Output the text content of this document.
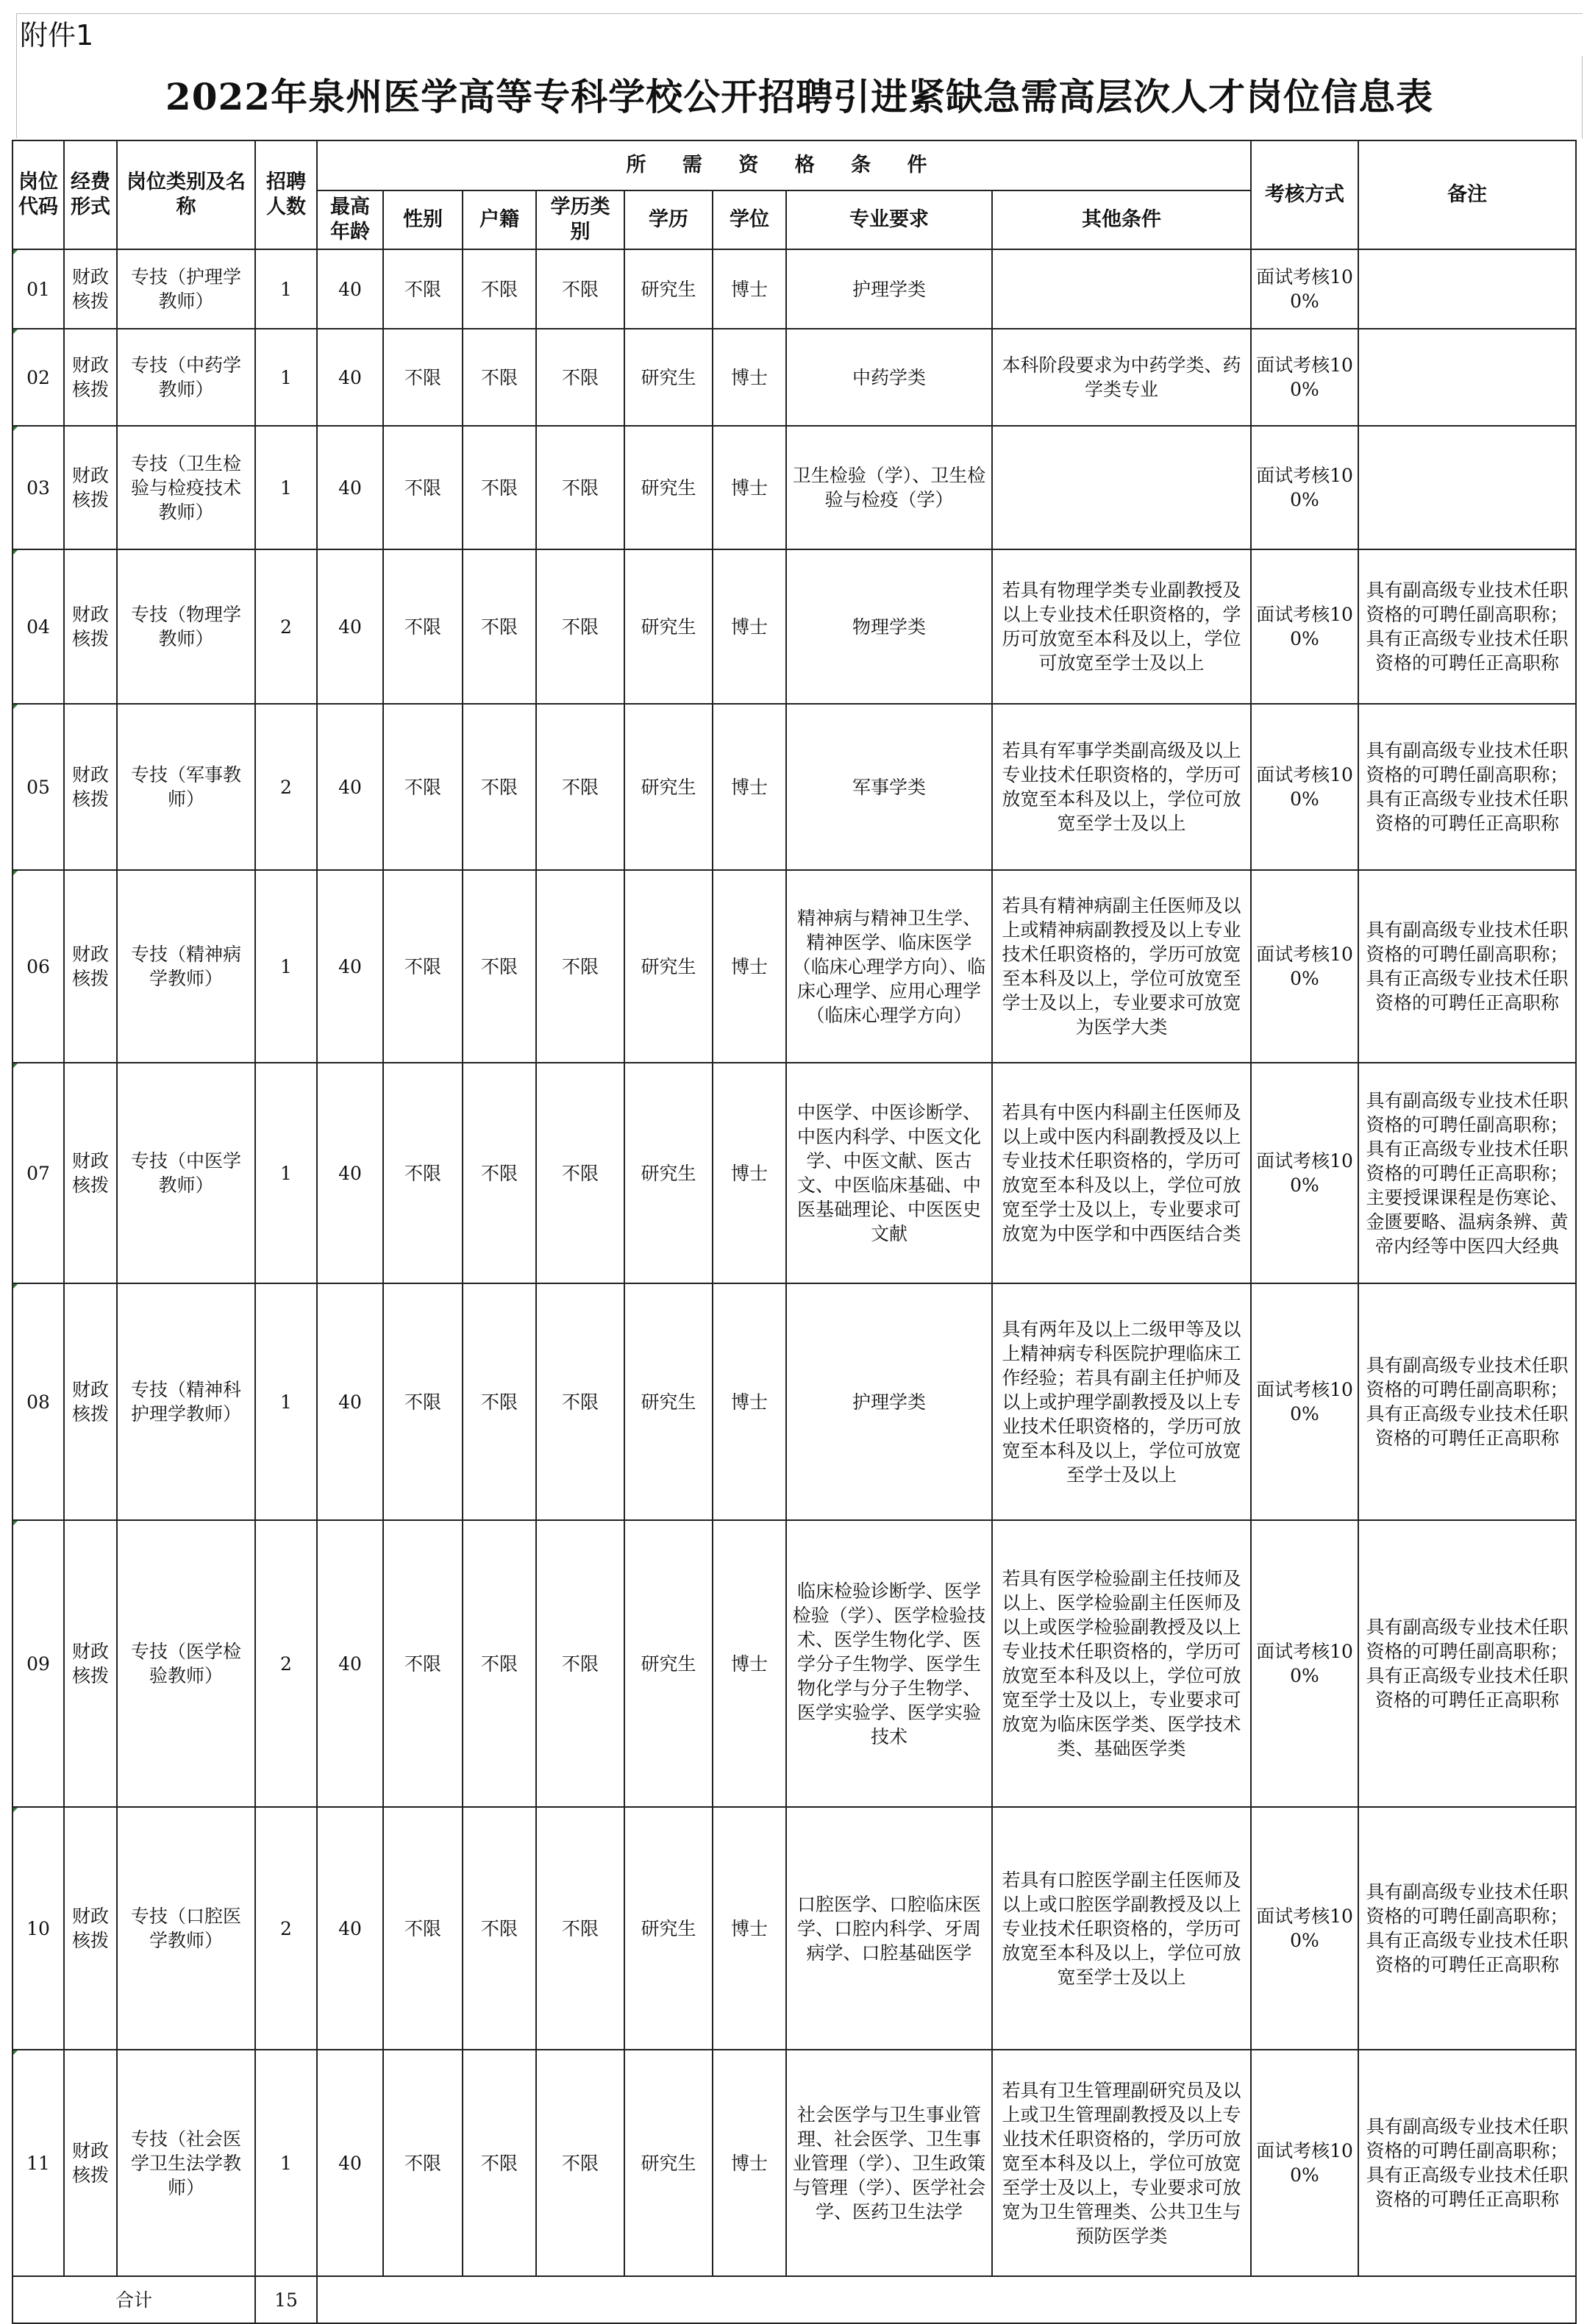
附件1
2022年泉州医学高等专科学校公开招聘引进紧缺急需高层次人才岗位信息表
岗位代码	经费形式	岗位类别及名称	招聘人数	所 需 资 格 条 件								考核方式	备注
				最高年龄	性别	户籍	学历类别	学历	学位	专业要求	其他条件		
01	财政核拨	专技（护理学教师）	1	40	不限	不限	不限	研究生	博士	护理学类		面试考核100%	
02	财政核拨	专技（中药学教师）	1	40	不限	不限	不限	研究生	博士	中药学类	本科阶段要求为中药学类、药学类专业	面试考核100%	
03	财政核拨	专技（卫生检验与检疫技术教师）	1	40	不限	不限	不限	研究生	博士	卫生检验（学）、卫生检验与检疫（学）		面试考核100%	
04	财政核拨	专技（物理学教师）	2	40	不限	不限	不限	研究生	博士	物理学类	若具有物理学类专业副教授及以上专业技术任职资格的，学历可放宽至本科及以上，学位可放宽至学士及以上	面试考核100%	具有副高级专业技术任职资格的可聘任副高职称；具有正高级专业技术任职资格的可聘任正高职称
05	财政核拨	专技（军事教师）	2	40	不限	不限	不限	研究生	博士	军事学类	若具有军事学类副高级及以上专业技术任职资格的，学历可放宽至本科及以上，学位可放宽至学士及以上	面试考核100%	具有副高级专业技术任职资格的可聘任副高职称；具有正高级专业技术任职资格的可聘任正高职称
06	财政核拨	专技（精神病学教师）	1	40	不限	不限	不限	研究生	博士	精神病与精神卫生学、精神医学、临床医学（临床心理学方向）、临床心理学、应用心理学（临床心理学方向）	若具有精神病副主任医师及以上或精神病副教授及以上专业技术任职资格的，学历可放宽至本科及以上，学位可放宽至学士及以上，专业要求可放宽为医学大类	面试考核100%	具有副高级专业技术任职资格的可聘任副高职称；具有正高级专业技术任职资格的可聘任正高职称
07	财政核拨	专技（中医学教师）	1	40	不限	不限	不限	研究生	博士	中医学、中医诊断学、中医内科学、中医文化学、中医文献、医古文、中医临床基础、中医基础理论、中医医史文献	若具有中医内科副主任医师及以上或中医内科副教授及以上专业技术任职资格的，学历可放宽至本科及以上，学位可放宽至学士及以上，专业要求可放宽为中医学和中西医结合类	面试考核100%	具有副高级专业技术任职资格的可聘任副高职称；具有正高级专业技术任职资格的可聘任正高职称；主要授课课程是伤寒论、金匮要略、温病条辨、黄帝内经等中医四大经典
08	财政核拨	专技（精神科护理学教师）	1	40	不限	不限	不限	研究生	博士	护理学类	具有两年及以上二级甲等及以上精神病专科医院护理临床工作经验；若具有副主任护师及以上或护理学副教授及以上专业技术任职资格的，学历可放宽至本科及以上，学位可放宽至学士及以上	面试考核100%	具有副高级专业技术任职资格的可聘任副高职称；具有正高级专业技术任职资格的可聘任正高职称
09	财政核拨	专技（医学检验教师）	2	40	不限	不限	不限	研究生	博士	临床检验诊断学、医学检验（学）、医学检验技术、医学生物化学、医学分子生物学、医学生物化学与分子生物学、医学实验学、医学实验技术	若具有医学检验副主任技师及以上、医学检验副主任医师及以上或医学检验副教授及以上专业技术任职资格的，学历可放宽至本科及以上，学位可放宽至学士及以上，专业要求可放宽为临床医学类、医学技术类、基础医学类	面试考核100%	具有副高级专业技术任职资格的可聘任副高职称；具有正高级专业技术任职资格的可聘任正高职称
10	财政核拨	专技（口腔医学教师）	2	40	不限	不限	不限	研究生	博士	口腔医学、口腔临床医学、口腔内科学、牙周病学、口腔基础医学	若具有口腔医学副主任医师及以上或口腔医学副教授及以上专业技术任职资格的，学历可放宽至本科及以上，学位可放宽至学士及以上	面试考核100%	具有副高级专业技术任职资格的可聘任副高职称；具有正高级专业技术任职资格的可聘任正高职称
11	财政核拨	专技（社会医学卫生法学教师）	1	40	不限	不限	不限	研究生	博士	社会医学与卫生事业管理、社会医学、卫生事业管理（学）、卫生政策与管理（学）、医学社会学、医药卫生法学	若具有卫生管理副研究员及以上或卫生管理副教授及以上专业技术任职资格的，学历可放宽至本科及以上，学位可放宽至学士及以上，专业要求可放宽为卫生管理类、公共卫生与预防医学类	面试考核100%	具有副高级专业技术任职资格的可聘任副高职称；具有正高级专业技术任职资格的可聘任正高职称
合计			15										
